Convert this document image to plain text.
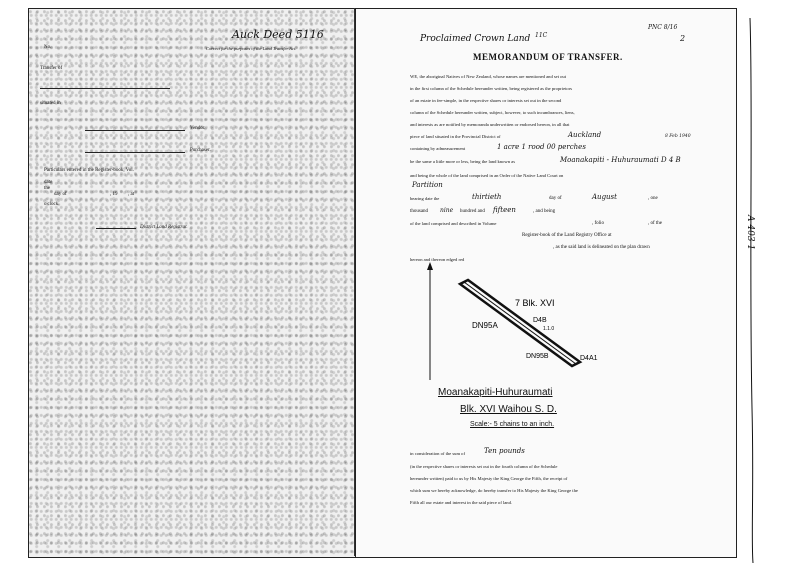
No.
Transfer of
situated in
Vendor.
Purchaser.
Particulars entered in the Register-book, Vol.
date
the
day of	, 19 , at
o'clock.
District Land Registrar.
Correct for the purposes of the Land Transfer Act.
Auck Deed 5116	Proclaimed Crown Land 11C
PNC 8/16
2
MEMORANDUM OF TRANSFER.
WE, the aboriginal Natives of New Zealand, whose names are mentioned and set out
in the first column of the Schedule hereunder written, being registered as the proprietors
of an estate in fee-simple, in the respective shares or interests set out in the second
column of the Schedule hereunder written, subject, however, to such incumbrances, liens,
and interests as are notified by memoranda underwritten or endorsed hereon, in all that
piece of land situated in the Provincial District of	Auckland	8 Feb 1940
containing by admeasurement	1 acre 1 rood 00 perches
be the same a little more or less, being the land known as	Moanakapiti - Huhuraumati D 4 B
and being the whole of the land comprised in an Order of the Native Land Court on
Partition
bearing date the	thirtieth	day of	August	, one
thousand nine hundred and fifteen	, and being
of the land comprised and described in Volume	, folio	, of the
Register-book of the Land Registry Office at
, as the said land is delineated on the plan drawn
hereon and thereon edged red
7 Blk. XVI
DN95A
D4B
1.1.0
DN95B	D4A1
Moanakapiti-Huhuraumati
Blk. XVI Waihou S. D.
Scale:- 5 chains to an inch.
in consideration of the sum of	Ten pounds
(in the respective shares or interests set out in the fourth column of the Schedule
hereunder written) paid to us by His Majesty the King George the Fifth, the receipt of
which sum we hereby acknowledge, do hereby transfer to His Majesty the King George the
Fifth all our estate and interest in the said piece of land.
A 403 1
